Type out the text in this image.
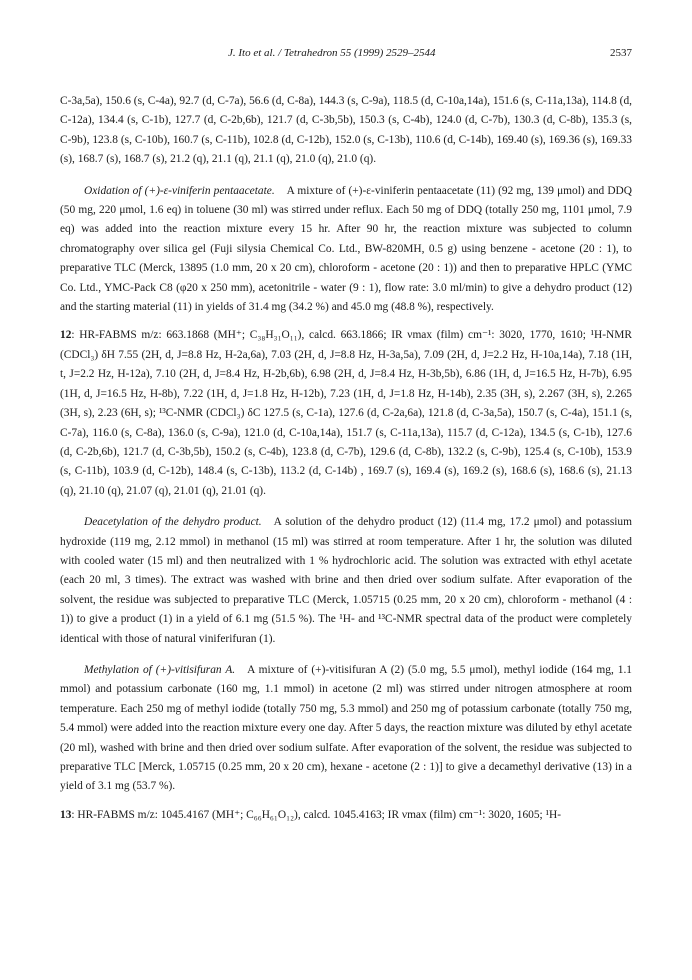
J. Ito et al. / Tetrahedron 55 (1999) 2529–2544	2537

C-3a,5a), 150.6 (s, C-4a), 92.7 (d, C-7a), 56.6 (d, C-8a), 144.3 (s, C-9a), 118.5 (d, C-10a,14a), 151.6 (s, C-11a,13a), 114.8 (d, C-12a), 134.4 (s, C-1b), 127.7 (d, C-2b,6b), 121.7 (d, C-3b,5b), 150.3 (s, C-4b), 124.0 (d, C-7b), 130.3 (d, C-8b), 135.3 (s, C-9b), 123.8 (s, C-10b), 160.7 (s, C-11b), 102.8 (d, C-12b), 152.0 (s, C-13b), 110.6 (d, C-14b), 169.40 (s), 169.36 (s), 169.33 (s), 168.7 (s), 168.7 (s), 21.2 (q), 21.1 (q), 21.1 (q), 21.0 (q), 21.0 (q).

Oxidation of (+)-ε-viniferin pentaacetate. A mixture of (+)-ε-viniferin pentaacetate (11) (92 mg, 139 μmol) and DDQ (50 mg, 220 μmol, 1.6 eq) in toluene (30 ml) was stirred under reflux. Each 50 mg of DDQ (totally 250 mg, 1101 μmol, 7.9 eq) was added into the reaction mixture every 15 hr. After 90 hr, the reaction mixture was subjected to column chromatography over silica gel (Fuji silysia Chemical Co. Ltd., BW-820MH, 0.5 g) using benzene - acetone (20 : 1), to preparative TLC (Merck, 13895 (1.0 mm, 20 x 20 cm), chloroform - acetone (20 : 1)) and then to preparative HPLC (YMC Co. Ltd., YMC-Pack C8 (φ20 x 250 mm), acetonitrile - water (9 : 1), flow rate: 3.0 ml/min) to give a dehydro product (12) and the starting material (11) in yields of 31.4 mg (34.2 %) and 45.0 mg (48.8 %), respectively.

12: HR-FABMS m/z: 663.1868 (MH⁺; C₃₈H₃₁O₁₁), calcd. 663.1866; IR νmax (film) cm⁻¹: 3020, 1770, 1610; ¹H-NMR (CDCl₃) δH 7.55 (2H, d, J=8.8 Hz, H-2a,6a), 7.03 (2H, d, J=8.8 Hz, H-3a,5a), 7.09 (2H, d, J=2.2 Hz, H-10a,14a), 7.18 (1H, t, J=2.2 Hz, H-12a), 7.10 (2H, d, J=8.4 Hz, H-2b,6b), 6.98 (2H, d, J=8.4 Hz, H-3b,5b), 6.86 (1H, d, J=16.5 Hz, H-7b), 6.95 (1H, d, J=16.5 Hz, H-8b), 7.22 (1H, d, J=1.8 Hz, H-12b), 7.23 (1H, d, J=1.8 Hz, H-14b), 2.35 (3H, s), 2.267 (3H, s), 2.265 (3H, s), 2.23 (6H, s); ¹³C-NMR (CDCl₃) δC 127.5 (s, C-1a), 127.6 (d, C-2a,6a), 121.8 (d, C-3a,5a), 150.7 (s, C-4a), 151.1 (s, C-7a), 116.0 (s, C-8a), 136.0 (s, C-9a), 121.0 (d, C-10a,14a), 151.7 (s, C-11a,13a), 115.7 (d, C-12a), 134.5 (s, C-1b), 127.6 (d, C-2b,6b), 121.7 (d, C-3b,5b), 150.2 (s, C-4b), 123.8 (d, C-7b), 129.6 (d, C-8b), 132.2 (s, C-9b), 125.4 (s, C-10b), 153.9 (s, C-11b), 103.9 (d, C-12b), 148.4 (s, C-13b), 113.2 (d, C-14b) , 169.7 (s), 169.4 (s), 169.2 (s), 168.6 (s), 168.6 (s), 21.13 (q), 21.10 (q), 21.07 (q), 21.01 (q), 21.01 (q).

Deacetylation of the dehydro product. A solution of the dehydro product (12) (11.4 mg, 17.2 μmol) and potassium hydroxide (119 mg, 2.12 mmol) in methanol (15 ml) was stirred at room temperature. After 1 hr, the solution was diluted with cooled water (15 ml) and then neutralized with 1 % hydrochloric acid. The solution was extracted with ethyl acetate (each 20 ml, 3 times). The extract was washed with brine and then dried over sodium sulfate. After evaporation of the solvent, the residue was subjected to preparative TLC (Merck, 1.05715 (0.25 mm, 20 x 20 cm), chloroform - methanol (4 : 1)) to give a product (1) in a yield of 6.1 mg (51.5 %). The ¹H- and ¹³C-NMR spectral data of the product were completely identical with those of natural viniferifuran (1).

Methylation of (+)-vitisifuran A. A mixture of (+)-vitisifuran A (2) (5.0 mg, 5.5 μmol), methyl iodide (164 mg, 1.1 mmol) and potassium carbonate (160 mg, 1.1 mmol) in acetone (2 ml) was stirred under nitrogen atmosphere at room temperature. Each 250 mg of methyl iodide (totally 750 mg, 5.3 mmol) and 250 mg of potassium carbonate (totally 750 mg, 5.4 mmol) were added into the reaction mixture every one day. After 5 days, the reaction mixture was diluted by ethyl acetate (20 ml), washed with brine and then dried over sodium sulfate. After evaporation of the solvent, the residue was subjected to preparative TLC [Merck, 1.05715 (0.25 mm, 20 x 20 cm), hexane - acetone (2 : 1)] to give a decamethyl derivative (13) in a yield of 3.1 mg (53.7 %).

13: HR-FABMS m/z: 1045.4167 (MH⁺; C₆₆H₆₁O₁₂), calcd. 1045.4163; IR νmax (film) cm⁻¹: 3020, 1605; ¹H-
